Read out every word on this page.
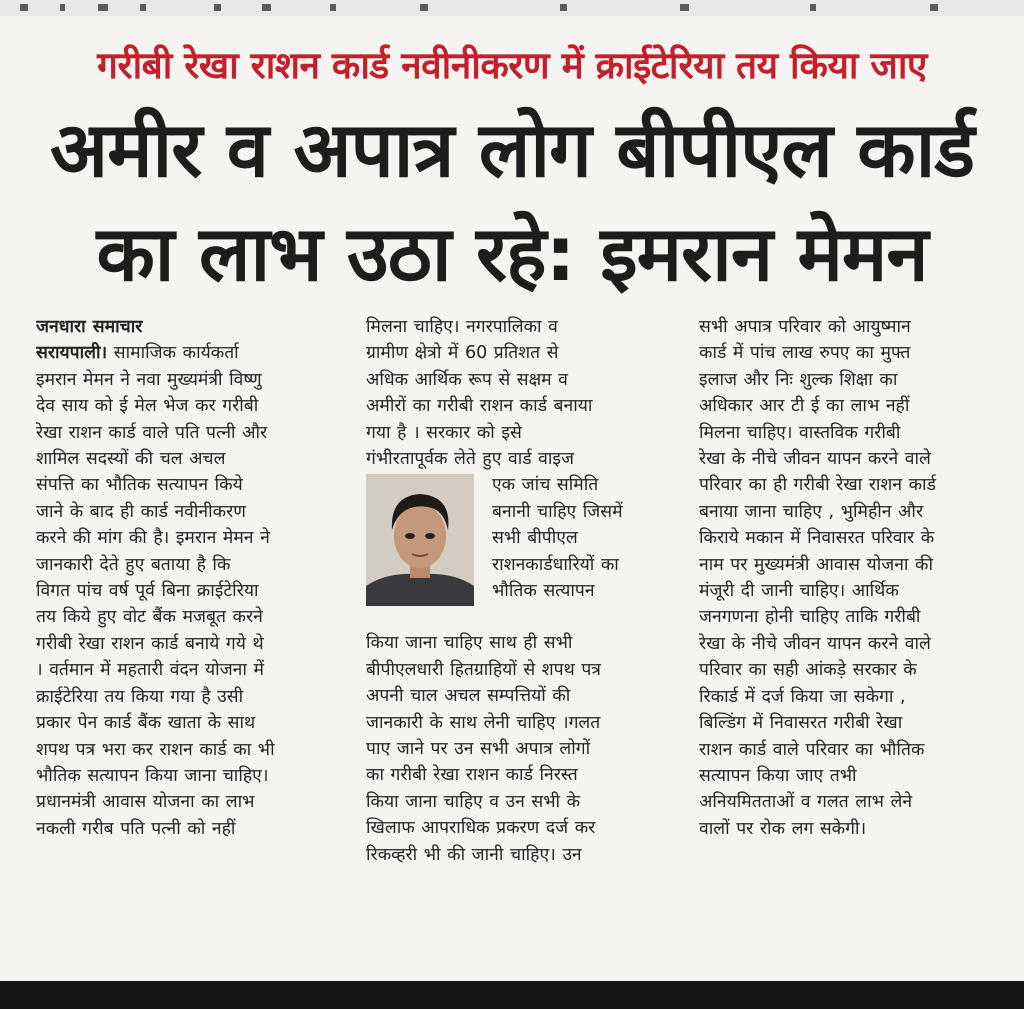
गरीबी रेखा राशन कार्ड नवीनीकरण में क्राईटेरिया तय किया जाए
अमीर व अपात्र लोग बीपीएल कार्ड
का लाभ उठा रहे: इमरान मेमन
जनधारा समाचार
सरायपाली। सामाजिक कार्यकर्ता
इमरान मेमन ने नवा मुख्यमंत्री विष्णु
देव साय को ई मेल भेज कर गरीबी
रेखा राशन कार्ड वाले पति पत्नी और
शामिल सदस्यों की चल अचल
संपत्ति का भौतिक सत्यापन किये
जाने के बाद ही कार्ड नवीनीकरण
करने की मांग की है। इमरान मेमन ने
जानकारी देते हुए बताया है कि
विगत पांच वर्ष पूर्व बिना क्राईटेरिया
तय किये हुए वोट बैंक मजबूत करने
गरीबी रेखा राशन कार्ड बनाये गये थे
। वर्तमान में महतारी वंदन योजना में
क्राईटेरिया तय किया गया है उसी
प्रकार पेन कार्ड बैंक खाता के साथ
शपथ पत्र भरा कर राशन कार्ड का भी
भौतिक सत्यापन किया जाना चाहिए।
प्रधानमंत्री आवास योजना का लाभ
नकली गरीब पति पत्नी को नहीं
मिलना चाहिए। नगरपालिका व
ग्रामीण क्षेत्रो में 60 प्रतिशत से
अधिक आर्थिक रूप से सक्षम व
अमीरों का गरीबी राशन कार्ड बनाया
गया है । सरकार को इसे
गंभीरतापूर्वक लेते हुए वार्ड वाइज
एक जांच समिति
बनानी चाहिए जिसमें
सभी बीपीएल
राशनकार्डधारियों का
भौतिक सत्यापन
किया जाना चाहिए साथ ही सभी
बीपीएलधारी हितग्राहियों से शपथ पत्र
अपनी चाल अचल सम्पत्तियों की
जानकारी के साथ लेनी चाहिए ।गलत
पाए जाने पर उन सभी अपात्र लोगों
का गरीबी रेखा राशन कार्ड निरस्त
किया जाना चाहिए व उन सभी के
खिलाफ आपराधिक प्रकरण दर्ज कर
रिकव्हरी भी की जानी चाहिए। उन
सभी अपात्र परिवार को आयुष्मान
कार्ड में पांच लाख रुपए का मुफ्त
इलाज और निः शुल्क शिक्षा का
अधिकार आर टी ई का लाभ नहीं
मिलना चाहिए। वास्तविक गरीबी
रेखा के नीचे जीवन यापन करने वाले
परिवार का ही गरीबी रेखा राशन कार्ड
बनाया जाना चाहिए , भुमिहीन और
किराये मकान में निवासरत परिवार के
नाम पर मुख्यमंत्री आवास योजना की
मंजूरी दी जानी चाहिए। आर्थिक
जनगणना होनी चाहिए ताकि गरीबी
रेखा के नीचे जीवन यापन करने वाले
परिवार का सही आंकड़े सरकार के
रिकार्ड में दर्ज किया जा सकेगा ,
बिल्डिंग में निवासरत गरीबी रेखा
राशन कार्ड वाले परिवार का भौतिक
सत्यापन किया जाए तभी
अनियमितताओं व गलत लाभ लेने
वालों पर रोक लग सकेगी।
